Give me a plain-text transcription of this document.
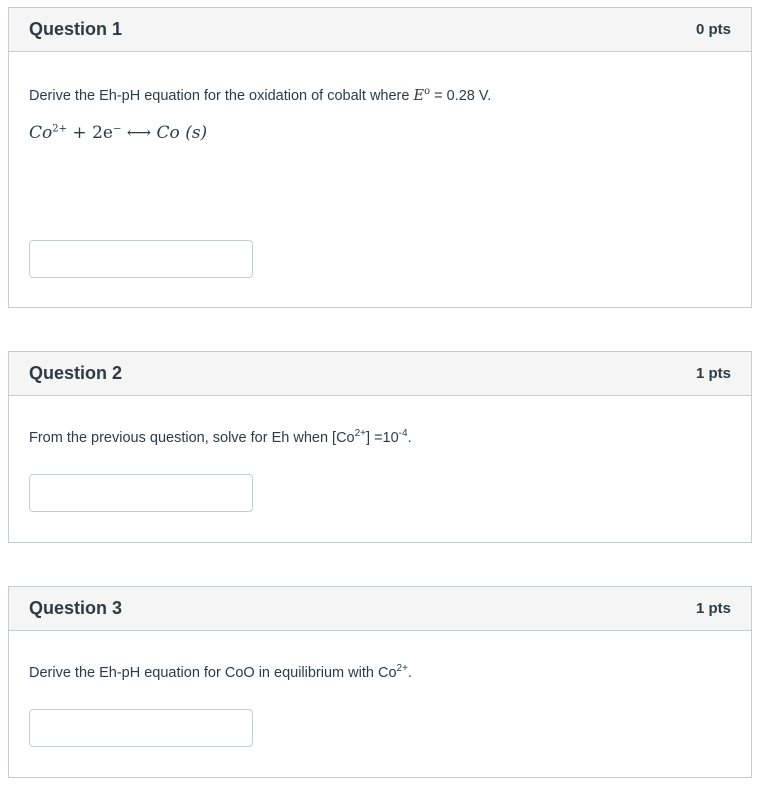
Question 1	0 pts
Derive the Eh-pH equation for the oxidation of cobalt where $E^o = 0.28$ V.
$Co^{2+} + 2e^-$ ⟷ Co (s)
Question 2	1 pts
From the previous question, solve for Eh when $[Co^{2+}] =10^{-4}$.
Question 3	1 pts
Derive the Eh-pH equation for CoO in equilibrium with $Co^{2+}$.
